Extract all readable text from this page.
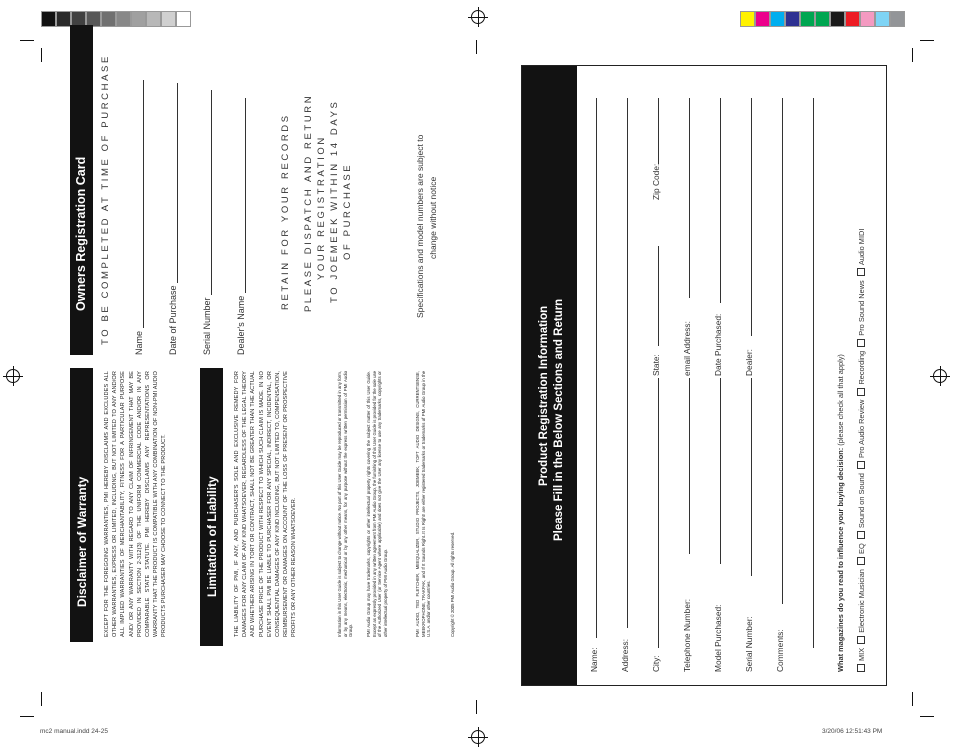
Disclaimer of Warranty	EXCEPT FOR THE FOREGOING WARRANTIES, PMI HEREBY DISCLAIMS AND EXCLUDES ALL OTHER WARRANTIES, EXPRESS OR LIMITED, INCLUDING, BUT NOT LIMITED TO ANY AND/OR ALL IMPLIED WARRANTIES OF MERCHANTABILITY, FITNESS FOR A PARTICULAR PURPOSE AND/ OR ANY WARRANTY WITH REGARD TO ANY CLAIM OF INFRINGEMENT THAT MAY BE PROVIDED IN SECTION 2-312(3) OF THE UNIFORM COMMERCIAL CODE AND/OR IN ANY COMPARABLE STATE STATUTE. PMI HEREBY DISCLAIMS ANY REPRESENTATIONS OR WARRANTY THAT THE PRODUCT IS COMPATIBLE WITH ANY COMBINATION OF NON-PMI AUDIO PRODUCTS PURCHASER MAY CHOOSE TO CONNECT TO THE PRODUCT.	Limitation of Liability	THE LIABILITY OF PMI, IF ANY, AND PURCHASER'S SOLE AND EXCLUSIVE REMEDY FOR DAMAGES FOR ANY CLAIM OF ANY KIND WHATSOEVER, REGARDLESS OF THE LEGAL THEORY AND WHETHER ARISING IN TORT OR CONTRACT, SHALL NOT BE GREATER THAN THE ACTUAL PURCHASE PRICE OF THE PRODUCT WITH RESPECT TO WHICH SUCH CLAIM IS MADE. IN NO EVENT SHALL PMI BE LIABLE TO PURCHASER FOR ANY SPECIAL, INDIRECT, INCIDENTAL, OR CONSEQUENTIAL DAMAGES OF ANY KIND INCLUDING, BUT NOT LIMITED TO, COMPENSATION, REIMBURSEMENT OR DAMAGES ON ACCOUNT OF THE LOSS OF PRESENT OR PROSPECTIVE PROFITS OR ANY OTHER REASON WHATSOEVER.	Information in this User Guide is subject to change without notice. No part of this User Guide may be reproduced or transmitted in any form, or by any means, electronic, mechanical or by any other means, for any purpose without the express written permission of PMI Audio Group.	PMI Audio Group may have trademarks, copyrights or other intellectual property rights covering the subject matter of this User Guide. Except as expressly provided in any written agreement from PMI Audio Group, the furnishing of this User Guide is provided for the sole use of the Authorized User (or Service Agent where applicable) and does not give the User any license to use any trademarks, copyrights or other intellectual property of PMI Audio Group.	PMI AUDIO, TED FLETCHER, MEEQUALIZER, STUDIO PROJECTS, JOEMEEK, TOFT AUDIO DESIGNS, CURRENTSENSE, MEEKROPHONE, TRAKPAK, and If It Sounds Right..It Is Right! are either registered trademarks or trademarks of PMI Audio Group in the U.S.A. and/or other countries.	Copyright © 2005 PMI Audio Group. All rights reserved.
Owners Registration Card TO BE COMPLETED AT TIME OF PURCHASE	Name	Date of Purchase	Serial Number	Dealer's Name
RETAIN FOR YOUR RECORDS PLEASE DISPATCH AND RETURN YOUR REGISTRATION TO JOEMEEK WITHIN 14 DAYS OF PURCHASE	Specifications and model numbers are subject to change without notice
Product Registration Information Please Fill in the Below Sections and Return
Name:	Address:	City:
State:
Zip Code:
Telephone Number:
email Address:
Model Purchased:
Date Purchased:
Serial Number:
Dealer:
Comments:	What magazines do you read to influence your buying decision: (please check all that apply)
MIX  Electronic Musician  EQ  Sound on Sound  Pro Audio Review  Recording  Pro Sound News  Audio MIDI
mc2 manual.indd 24-25	3/20/06 12:51:43 PM
